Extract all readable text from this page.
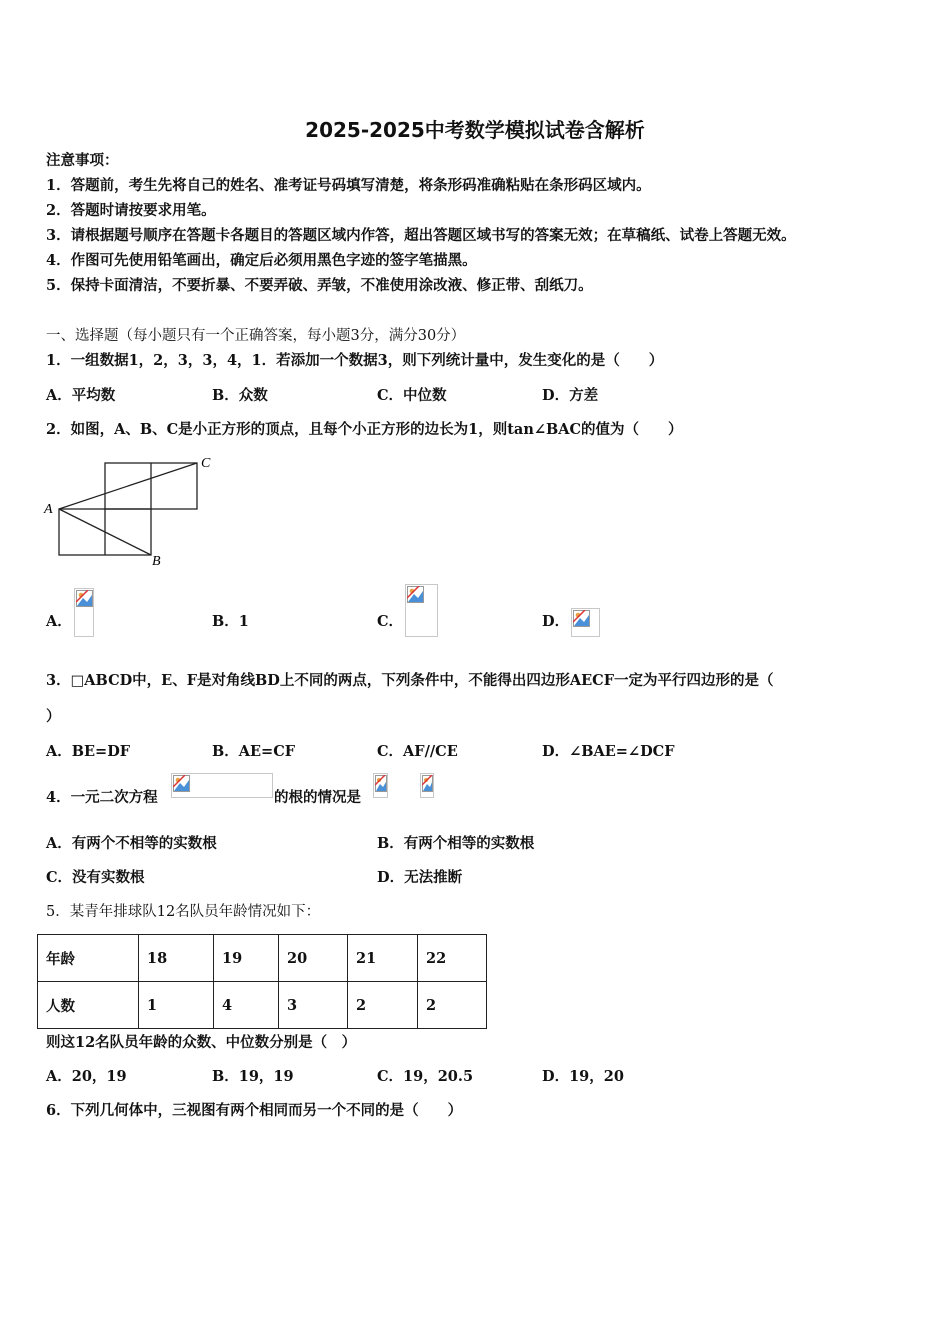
2025-2025中考数学模拟试卷含解析
注意事项：
1．答题前，考生先将自己的姓名、准考证号码填写清楚，将条形码准确粘贴在条形码区域内。
2．答题时请按要求用笔。
3．请根据题号顺序在答题卡各题目的答题区域内作答，超出答题区域书写的答案无效；在草稿纸、试卷上答题无效。
4．作图可先使用铅笔画出，确定后必须用黑色字迹的签字笔描黑。
5．保持卡面清洁，不要折暴、不要弄破、弄皱，不准使用涂改液、修正带、刮纸刀。
一、选择题（每小题只有一个正确答案，每小题3分，满分30分）
1．一组数据1，2，3，3，4，1．若添加一个数据3，则下列统计量中，发生变化的是（　　）
A．平均数	B．众数	C．中位数	D．方差
2．如图，A、B、C是小正方形的顶点，且每个小正方形的边长为1，则tan∠BAC的值为（　　）
A
B
C
A．	B．1	C．	D．
3．□ABCD中，E、F是对角线BD上不同的两点，下列条件中，不能得出四边形AECF一定为平行四边形的是（
）
A．BE=DF	B．AE=CF	C．AF//CE	D．∠BAE=∠DCF
4．一元二次方程	的根的情况是
A．有两个不相等的实数根	B．有两个相等的实数根
C．没有实数根	D．无法推断
5．某青年排球队12名队员年龄情况如下：
年龄	18	19	20	21	22
人数	1	4	3	2	2
则这12名队员年龄的众数、中位数分别是（　）
A．20，19	B．19，19	C．19，20.5	D．19，20
6．下列几何体中，三视图有两个相同而另一个不同的是（　　）
